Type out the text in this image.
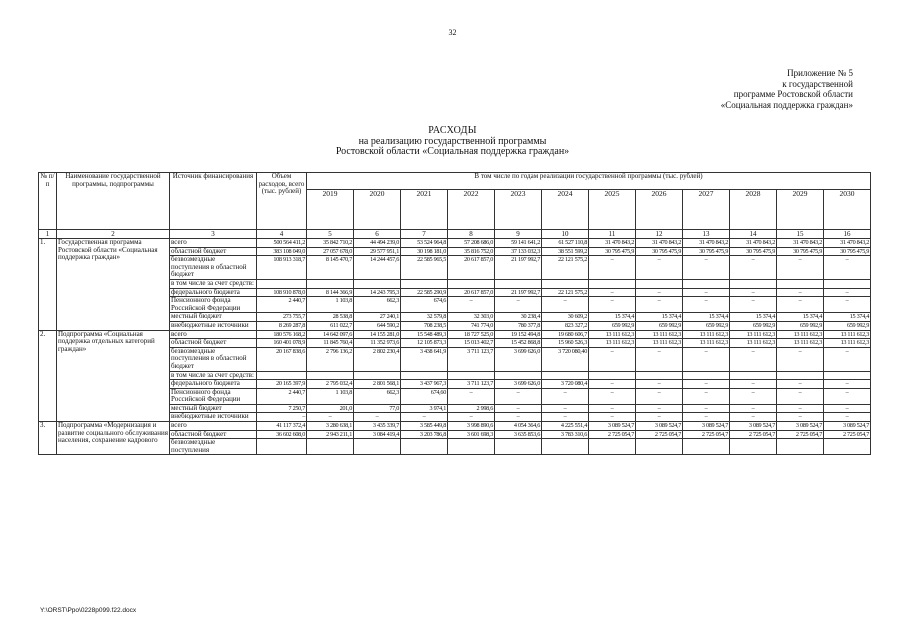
32
Приложение № 5
к государственной
программе Ростовской области
«Социальная поддержка граждан»
РАСХОДЫ
на реализацию государственной программы
Ростовской области «Социальная поддержка граждан»
№ п/п	Наименование государственной программы, подпрограммы	Источник финансирования	Объем расходов, всего (тыс. рублей)	В том числе по годам реализации государственной программы (тыс. рублей)											
				2019	2020	2021	2022	2023	2024	2025	2026	2027	2028	2029	2030
1	2	3	4	5	6	7	8	9	10	11	12	13	14	15	16
1.	Государственная программа Ростовской области «Социальная поддержка граждан»	всего	500 564 411,2	35 842 710,2	44 494 239,0	53 524 964,8	57 208 686,0	59 141 641,2	61 527 110,8	31 470 843,2	31 470 843,2	31 470 843,2	31 470 843,2	31 470 843,2	31 470 843,2
		областной бюджет	383 108 049,0	27 057 678,0	29 577 951,1	30 198 181,0	35 816 752,0	37 133 032,3	38 551 599,2	30 795 475,9	30 795 475,9	30 795 475,9	30 795 475,9	30 795 475,9	30 795 475,9
		безвозмездные поступления в областной бюджет	108 913 318,7	8 145 470,7	14 244 457,6	22 585 965,5	20 617 857,0	21 197 992,7	22 121 575,2	–	–	–	–	–	–
		в том числе за счет средств:													
		федерального бюджета	108 910 878,0	8 144 366,9	14 243 795,3	22 585 290,9	20 617 857,0	21 197 992,7	22 121 575,2	–	–	–	–	–	–
		Пенсионного фонда Российской Федерации	2 440,7	1 103,8	662,3	674,6	–	–	–	–	–	–	–	–	–
		местный бюджет	273 755,7	28 538,8	27 240,1	32 579,8	32 303,0	30 238,4	30 609,2	15 374,4	15 374,4	15 374,4	15 374,4	15 374,4	15 374,4
		внебюджетные источники	8 269 287,8	611 022,7	644 590,2	708 238,5	741 774,0	780 377,8	823 327,2	659 992,9	659 992,9	659 992,9	659 992,9	659 992,9	659 992,9
2.	Подпрограмма «Социальная поддержка отдельных категорий граждан»	всего	180 576 168,2	14 642 097,6	14 155 281,0	15 548 489,3	18 727 525,0	19 152 494,8	19 680 606,7	13 111 612,3	13 111 612,3	13 111 612,3	13 111 612,3	13 111 612,3	13 111 612,3
		областной бюджет	160 401 078,9	11 845 760,4	11 352 973,6	12 105 873,3	15 013 402,7	15 452 868,8	15 960 526,3	13 111 612,3	13 111 612,3	13 111 612,3	13 111 612,3	13 111 612,3	13 111 612,3
		безвозмездные поступления в областной бюджет	20 167 838,6	2 796 136,2	2 802 230,4	3 438 641,9	3 711 123,7	3 699 626,0	3 720 080,40	–	–	–	–	–	–
		в том числе за счет средств:													
		федерального бюджета	20 165 397,9	2 795 032,4	2 801 568,1	3 437 967,3	3 711 123,7	3 699 626,0	3 720 080,4	–	–	–	–	–	–
		Пенсионного фонда Российской Федерации	2 440,7	1 103,8	662,3	674,60	–	–	–	–	–	–	–	–	–
		местный бюджет	7 250,7	201,0	77,0	3 974,1	2 998,6	–	–	–	–	–	–	–	–
		внебюджетные источники	–	–	–	–	–	–	–	–	–	–	–	–	–
3.	Подпрограмма «Модернизация и развитие социального обслуживания населения, сохранение кадрового	всего	41 117 372,4	3 280 638,1	3 435 339,7	3 585 449,8	3 998 890,6	4 054 364,6	4 225 551,4	3 089 524,7	3 089 524,7	3 089 524,7	3 089 524,7	3 089 524,7	3 089 524,7
		областной бюджет	36 602 608,0	2 943 211,1	3 084 419,4	3 203 786,8	3 601 698,3	3 635 853,6	3 783 310,6	2 725 054,7	2 725 054,7	2 725 054,7	2 725 054,7	2 725 054,7	2 725 054,7
		безвозмездные поступления													
Y:\ORST\Ppo\0228p099.f22.docx
